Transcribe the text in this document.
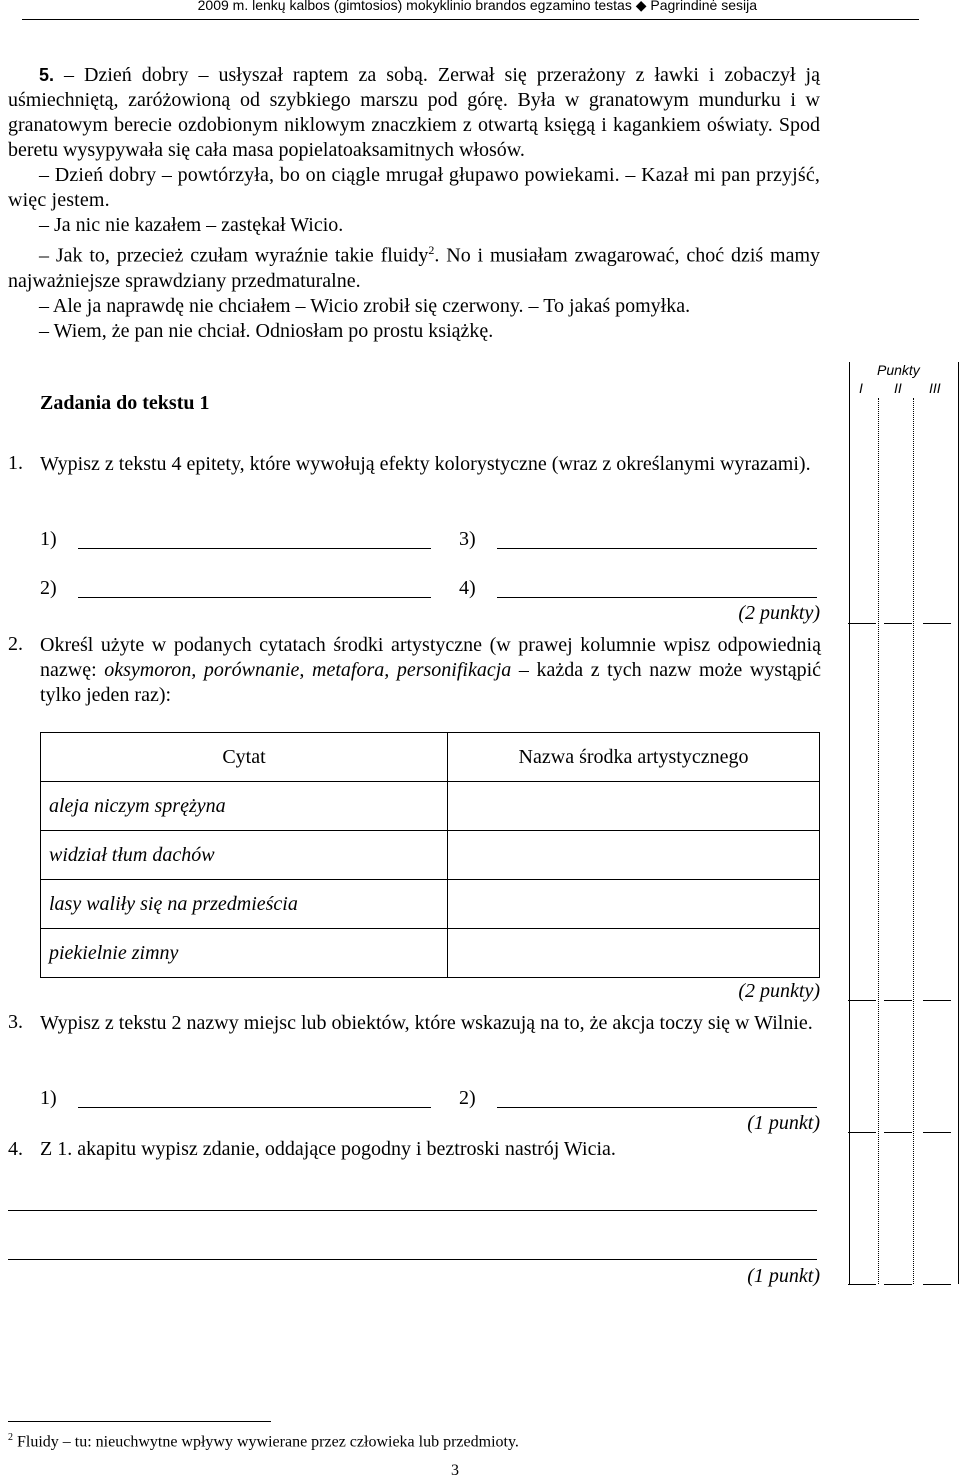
2009 m. lenkų kalbos (gimtosios) mokyklinio brandos egzamino testas ◆ Pagrindinė sesija

5. – Dzień dobry – usłyszał raptem za sobą. Zerwał się przerażony z ławki i zobaczył ją uśmiechniętą, zaróżowioną od szybkiego marszu pod górę. Była w granatowym mundurku i w granatowym berecie ozdobionym niklowym znaczkiem z otwartą księgą i kagankiem oświaty. Spod beretu wysypywała się cała masa popielatoaksamitnych włosów.

– Dzień dobry – powtórzyła, bo on ciągle mrugał głupawo powiekami. – Kazał mi pan przyjść, więc jestem.

– Ja nic nie kazałem – zastękał Wicio.

– Jak to, przecież czułam wyraźnie takie fluidy$^2$. No i musiałam zwagarować, choć dziś mamy najważniejsze sprawdziany przedmaturalne.

– Ale ja naprawdę nie chciałem – Wicio zrobił się czerwony. – To jakaś pomyłka.

– Wiem, że pan nie chciał. Odniosłam po prostu książkę.

Zadania do tekstu 1
Punkty
I II III
1. Wypisz z tekstu 4 epitety, które wywołują efekty kolorystyczne (wraz z określanymi wyrazami).
1)	3)
2)	4)
(2 punkty)
2. Określ użyte w podanych cytatach środki artystyczne (w prawej kolumnie wpisz odpowiednią nazwę: oksymoron, porównanie, metafora, personifikacja – każda z tych nazw może wystąpić tylko jeden raz):
Cytat	Nazwa środka artystycznego
aleja niczym sprężyna	
widział tłum dachów	
lasy waliły się na przedmieścia	
piekielnie zimny	
(2 punkty)
3. Wypisz z tekstu 2 nazwy miejsc lub obiektów, które wskazują na to, że akcja toczy się w Wilnie.
1)	2)
(1 punkt)
4. Z 1. akapitu wypisz zdanie, oddające pogodny i beztroski nastrój Wicia.
(1 punkt)
$^2$ Fluidy – tu: nieuchwytne wpływy wywierane przez człowieka lub przedmioty.
3
